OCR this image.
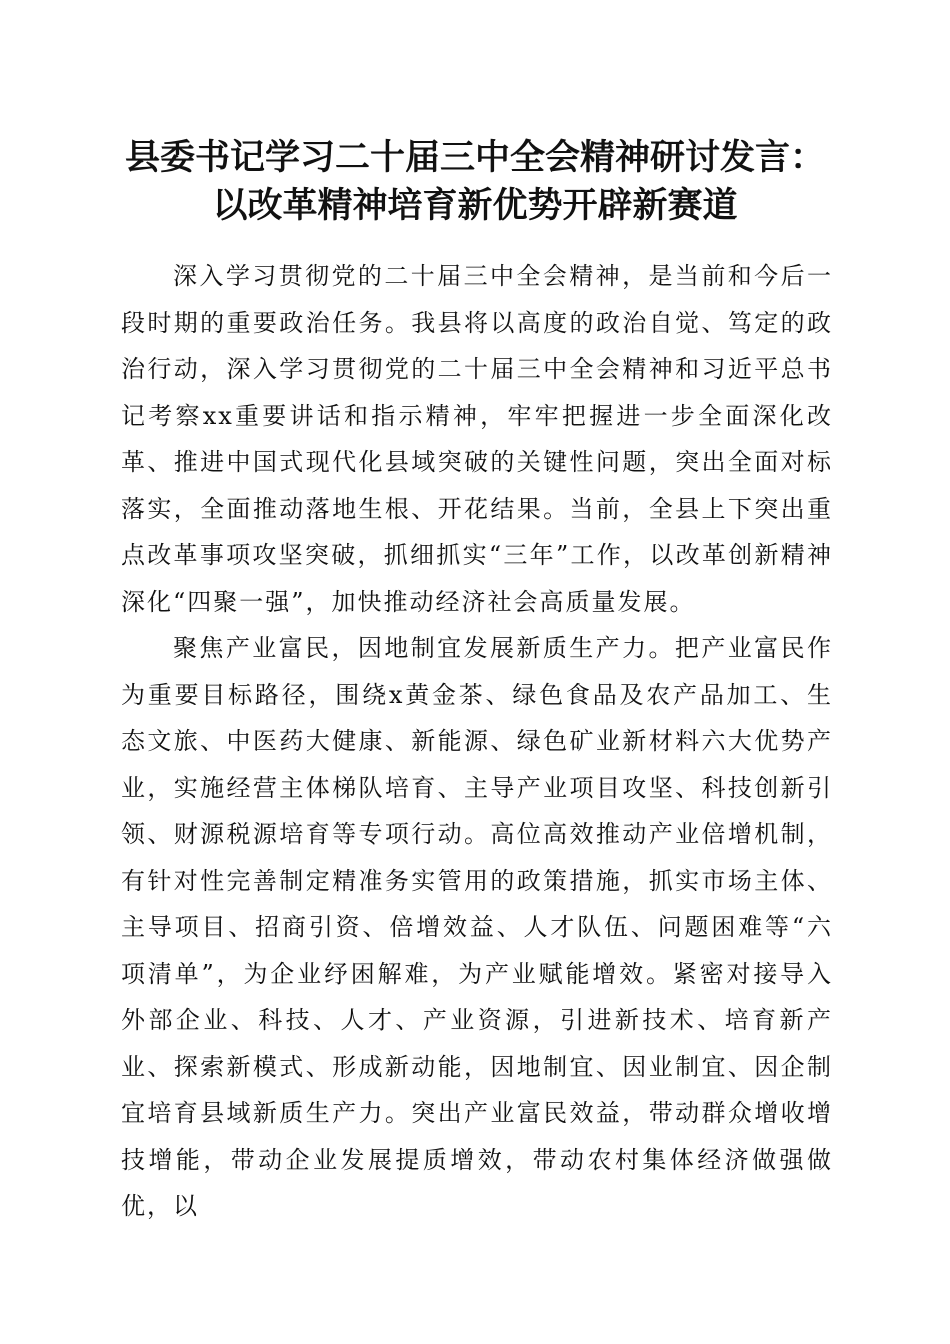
县委书记学习二十届三中全会精神研讨发言：
以改革精神培育新优势开辟新赛道

深入学习贯彻党的二十届三中全会精神，是当前和今后一段时期的重要政治任务。我县将以高度的政治自觉、笃定的政治行动，深入学习贯彻党的二十届三中全会精神和习近平总书记考察xx重要讲话和指示精神，牢牢把握进一步全面深化改革、推进中国式现代化县域突破的关键性问题，突出全面对标落实，全面推动落地生根、开花结果。当前，全县上下突出重点改革事项攻坚突破，抓细抓实“三年”工作，以改革创新精神深化“四聚一强”，加快推动经济社会高质量发展。

聚焦产业富民，因地制宜发展新质生产力。把产业富民作为重要目标路径，围绕x黄金茶、绿色食品及农产品加工、生态文旅、中医药大健康、新能源、绿色矿业新材料六大优势产业，实施经营主体梯队培育、主导产业项目攻坚、科技创新引领、财源税源培育等专项行动。高位高效推动产业倍增机制，有针对性完善制定精准务实管用的政策措施，抓实市场主体、主导项目、招商引资、倍增效益、人才队伍、问题困难等“六项清单”，为企业纾困解难，为产业赋能增效。紧密对接导入外部企业、科技、人才、产业资源，引进新技术、培育新产业、探索新模式、形成新动能，因地制宜、因业制宜、因企制宜培育县域新质生产力。突出产业富民效益，带动群众增收增技增能，带动企业发展提质增效，带动农村集体经济做强做优，以
